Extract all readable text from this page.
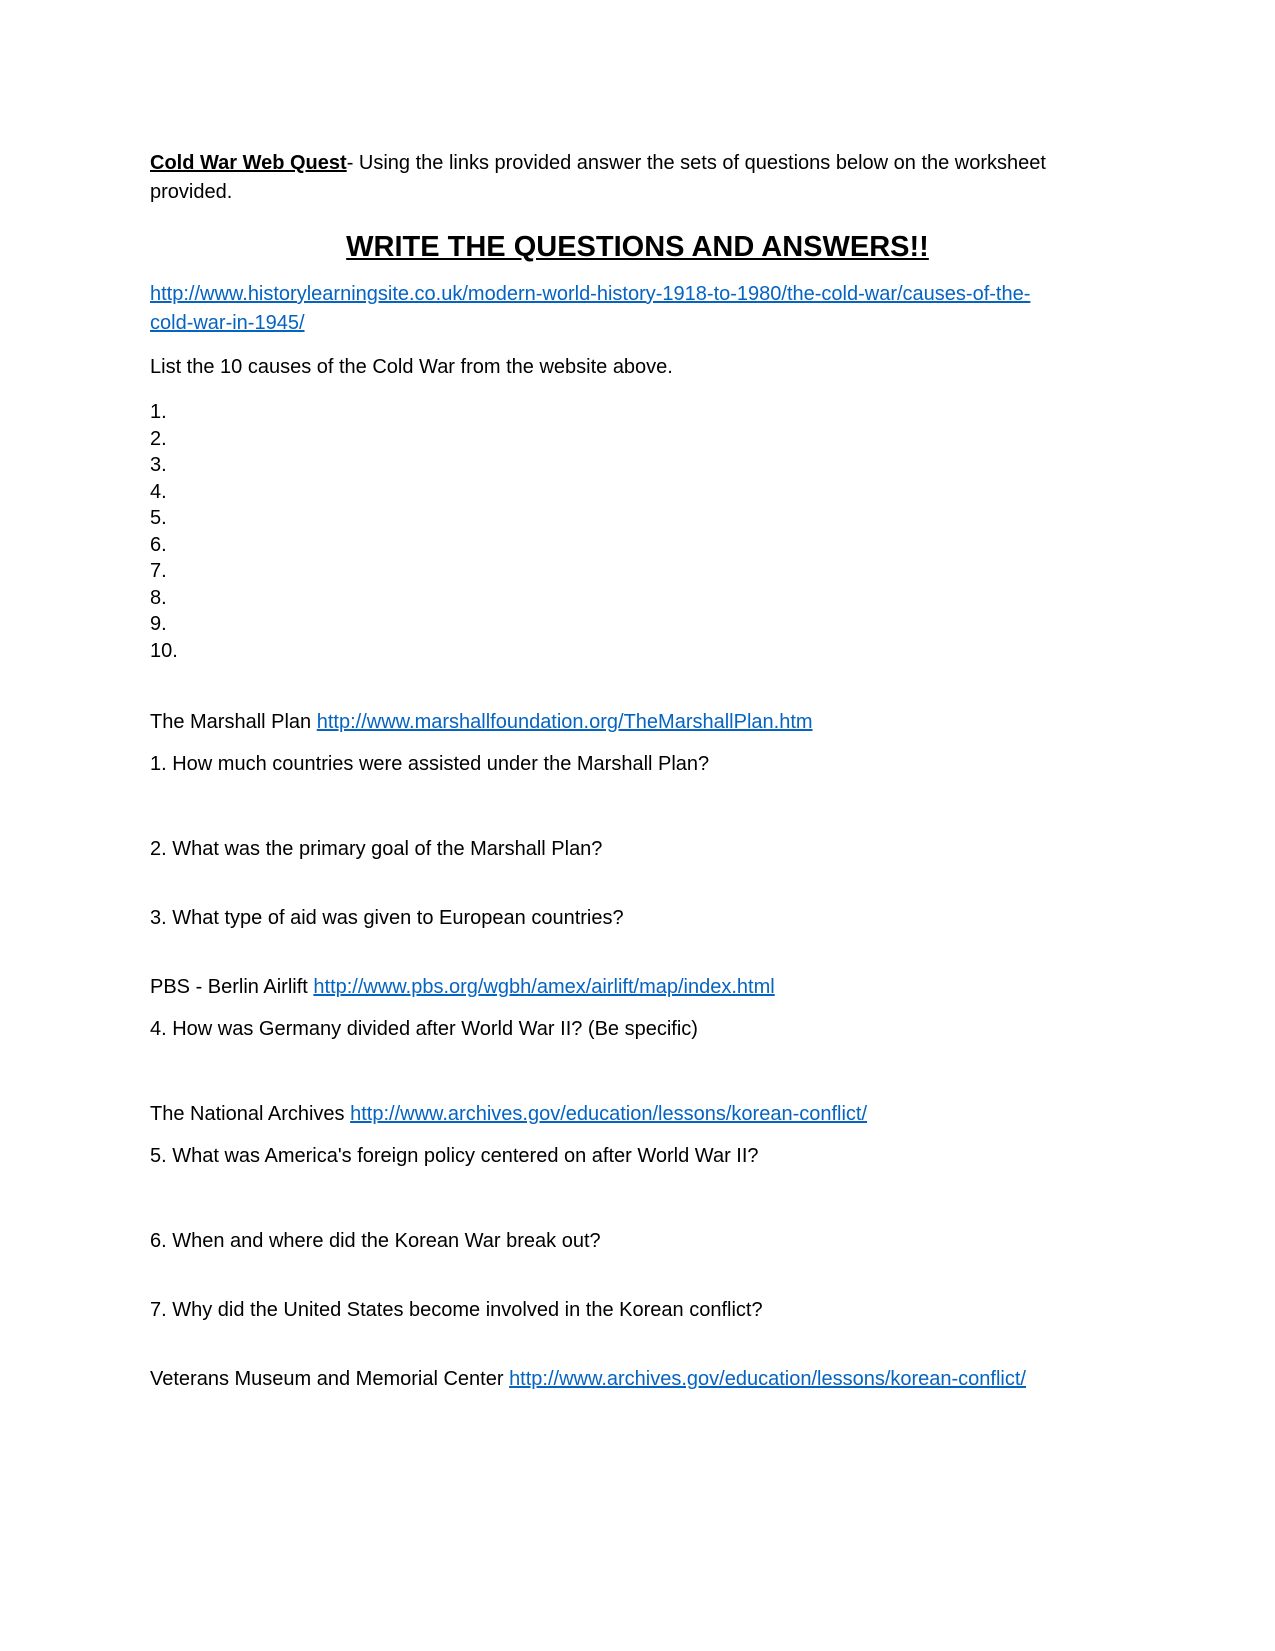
Cold War Web Quest- Using the links provided answer the sets of questions below on the worksheet

provided.

WRITE THE QUESTIONS AND ANSWERS!!

http://www.historylearningsite.co.uk/modern-world-history-1918-to-1980/the-cold-war/causes-of-the-

cold-war-in-1945/

List the 10 causes of the Cold War from the website above.

1.

2.

3.

4.

5.

6.

7.

8.

9.

10.

The Marshall Plan http://www.marshallfoundation.org/TheMarshallPlan.htm

1. How much countries were assisted under the Marshall Plan?

2. What was the primary goal of the Marshall Plan?

3. What type of aid was given to European countries?

PBS - Berlin Airlift http://www.pbs.org/wgbh/amex/airlift/map/index.html

4. How was Germany divided after World War II? (Be specific)

The National Archives http://www.archives.gov/education/lessons/korean-conflict/

5. What was America's foreign policy centered on after World War II?

6. When and where did the Korean War break out?

7. Why did the United States become involved in the Korean conflict?

Veterans Museum and Memorial Center http://www.archives.gov/education/lessons/korean-conflict/
